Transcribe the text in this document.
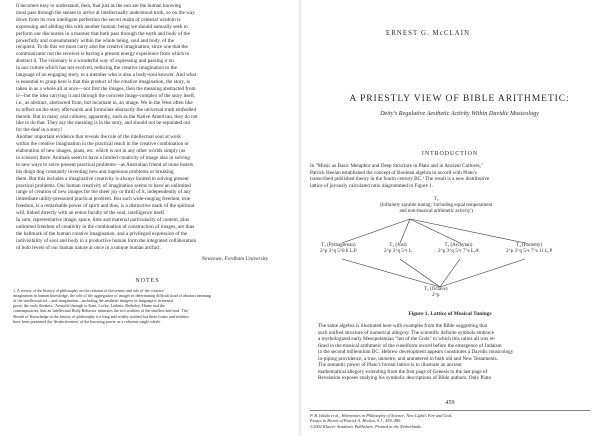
It becomes easy to understand, then, that just as the sun are the human knowing
most pass through the senses to arrive at intellectually understood truth, so on the way
down from its own intelligent perfection the secret realm of celestial wisdom is
expressing and abiding this with another human; being we should naturally seek to
perform our discourses in a manner that both pass through the earth and body of the
powerfully and consummately within the whole being, soul and body, of the
recipient. To do this we must carry also the creative imagination, since one that the
communicator not the receiver is having a present energy experience from which to
abstract it. The visionary is a wonderful way of expressing and passing it on
in our culture which has not evolved, reducing the creative imagination to the
language of an engaging story, to a member who is also a body-soul knower. And what
is essential to grasp here is that this product of the creative imagination, the story, is
taken in as a whole all at once—not first the images, then the meaning abstracted from
it—but the idea carrying it and through the concrete image-complex of the story itself,
i.e., as abstract, abstracted from, but incarnate in, an image. We in the West often like
to reflect on the story afterwards and formulate abstractly the universal truth embodied
therein. But in many oral cultures, apparently, such as the Native American, they do not
like to do that. They say the meaning is in the story, and should not be separated out
for the deaf in a story!
Another important evidence that reveals the role of the intellectual soul at work
within the creative imagination in the practical reach in the creative combination or
elaboration of new images, plans, etc. which is not in any other worlds simply (as
in science) there. Animals seem to have a limited creativity of image also in solving
to new ways to solve present practical problems—as Australian friend of mine insists
his dingo dog constantly inventing new and ingenious problems or breaking
them. But this includes a imaginative creativity is always limited to solving present
practical problems. Our human creativity of imagination seems to have an unlimited
range of creation of new images for the sheer joy or thrill of it, independently of any
immediate utility-pressured practical problem. But such wide-ranging freedom, true
freedom, is a remarkable power of spirit and thus, is a distinctive mark of the spiritual
will, linked directly with an entire faculty of the soul, intelligence itself.
In sum, representative image, space, time and material particularity of content, plus
unlimited freedom of creativity in the combination of construction of images, are thus
the hallmark of the human creative imagination, and a privileged expression of the
indivisibility of soul and body in a productive human form the integrated collaboration
of both levels of our human nature at once in a unique human artifact.
Newtown, Fordham University
NOTES
1. A review of the history of philosophy on the relation of the senses and role of the creative
imagination in human knowledge, the role of the aggregation of images in determining difficult kind of abstract meaning
of the intellectual act—and imagination—including the aesthetic imagery in language it in mental
prose, the early thinkers. 'Aristotle through to Kant, Locke, Leibniz, Berkeley, Hume and the
contemporaries, that an Intellectual Body Behavior intimates the two realities of the intellect and soul. The
Sheath of Knowledge in the history of philosophy is a long and widely studied but these forms and realities
have been presented the 'distinctiveness' of the knowing power as a coherent single whole.
ERNEST G. McCLAIN
A PRIESTLY VIEW OF BIBLE ARITHMETIC:
Deity's Regulative Aesthetic Activity Within Davidic Musicology
INTRODUCTION
In "Music as Basic Metaphor and Deep Structure in Plato and in Ancient Cultures,"
Patrick Heelan established the concept of Boolean algebra in accord with Plato's
transcribed published theory in the fourth century BC.¹ The result is a new distributive
lattice of joyously calculated ratio diagrammed in Figure 1.
T₀
(Infinitely sayable tuning: 'including equal temperament
and non-musical arithmetic activity')
T₁ (Pythagorean)
2^p 3^q 5^0 6 L,P
T₂ (Just)
2^p 3^q 5^r L
T₃ (Archytan)
2^p 3^q 5^r 7^s L,A
T₄ (Ptolemy)
2^p 3^q 5^r 7^s 11 L,P
T₅ (Octave)
2^p
Figure 1. Lattice of Musical Tunings
The same algebra is illustrated here with examples from the Bible suggesting that
such unified structure of numerical allegory. The scientific definite symbols embrace
a mythologized early Mesopotamian "hut of the Gods" to which this ratios all was re-
fined in the musical arithmetic of the cuneiform record before the emergence of Judaism
in the second millennium BC. Hebrew development appears constitutes a Davidic musicology
in-piping providence, a true, unmetre, and unmetered in both old and New Testaments.
The semantic power of Plato's formal lattice is to illustrate an ancient
mathematical allegory extending from the first page of Genesis to the last page of
Revelation exposes studying his symbolic descriptions of Bible authors. Only Plato
459
P. B. Ishida et al., Harmonies in Philosophy of Science, New Light's Fire and God,
Essays in Honor of Patrick A. Heelan, S.J., 459–486.
©2002 Kluwer Academic Publishers. Printed in the Netherlands.
